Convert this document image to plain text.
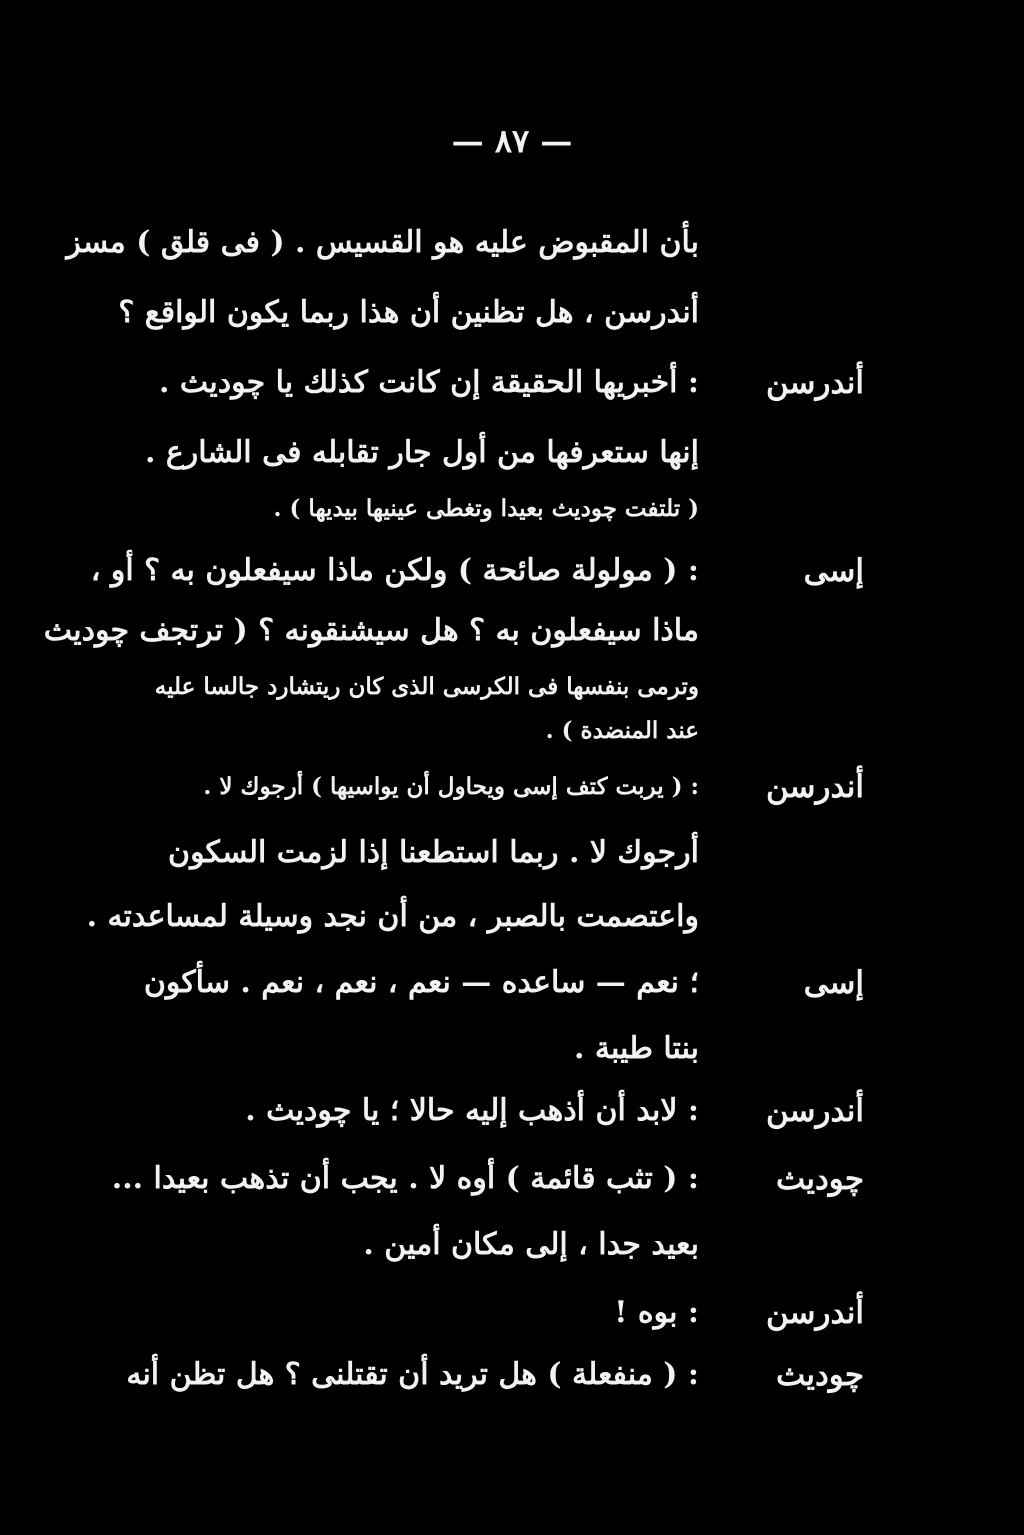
— ٨٧ —
بأن المقبوض عليه هو القسيس . ( فى قلق ) مسز
أندرسن ، هل تظنين أن هذا ربما يكون الواقع ؟
أندرسن
: أخبريها الحقيقة إن كانت كذلك يا چوديث .
إنها ستعرفها من أول جار تقابله فى الشارع .
( تلتفت چوديث بعيدا وتغطى عينيها بيديها ) .
إسى
: ( مولولة صائحة ) ولكن ماذا سيفعلون به ؟ أو ،
ماذا سيفعلون به ؟ هل سيشنقونه ؟ ( ترتجف چوديث
وترمى بنفسها فى الكرسى الذى كان ريتشارد جالسا عليه
عند المنضدة ) .
أندرسن
: ( يربت كتف إسى ويحاول أن يواسيها ) أرجوك لا .
أرجوك لا . ربما استطعنا إذا لزمت السكون
واعتصمت بالصبر ، من أن نجد وسيلة لمساعدته .
إسى
؛ نعم — ساعده — نعم ، نعم ، نعم . سأكون
بنتا طيبة .
أندرسن
: لابد أن أذهب إليه حالا ؛ يا چوديث .
چوديث
: ( تثب قائمة ) أوه لا . يجب أن تذهب بعيدا ...
بعيد جدا ، إلى مكان أمين .
أندرسن
: بوه !
چوديث
: ( منفعلة ) هل تريد أن تقتلنى ؟ هل تظن أنه
